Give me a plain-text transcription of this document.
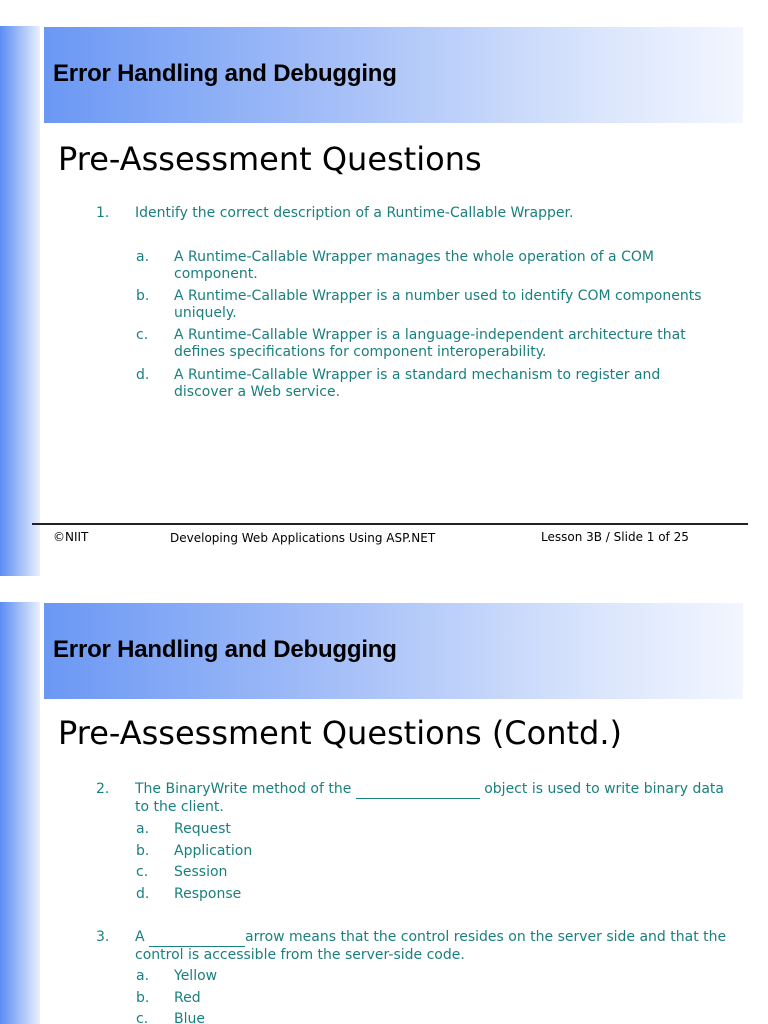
Error Handling and Debugging
Pre-Assessment Questions
1. Identify the correct description of a Runtime-Callable Wrapper.
a. A Runtime-Callable Wrapper manages the whole operation of a COM component.
b. A Runtime-Callable Wrapper is a number used to identify COM components uniquely.
c. A Runtime-Callable Wrapper is a language-independent architecture that defines specifications for component interoperability.
d. A Runtime-Callable Wrapper is a standard mechanism to register and discover a Web service.
©NIIT	Developing Web Applications Using ASP.NET	Lesson 3B / Slide 1 of 25
Error Handling and Debugging
Pre-Assessment Questions (Contd.)
2. The BinaryWrite method of the	object is used to write binary data to the client.
a. Request
b. Application
c. Session
d. Response
3. A	arrow means that the control resides on the server side and that the control is accessible from the server-side code.
a. Yellow
b. Red
c. Blue
